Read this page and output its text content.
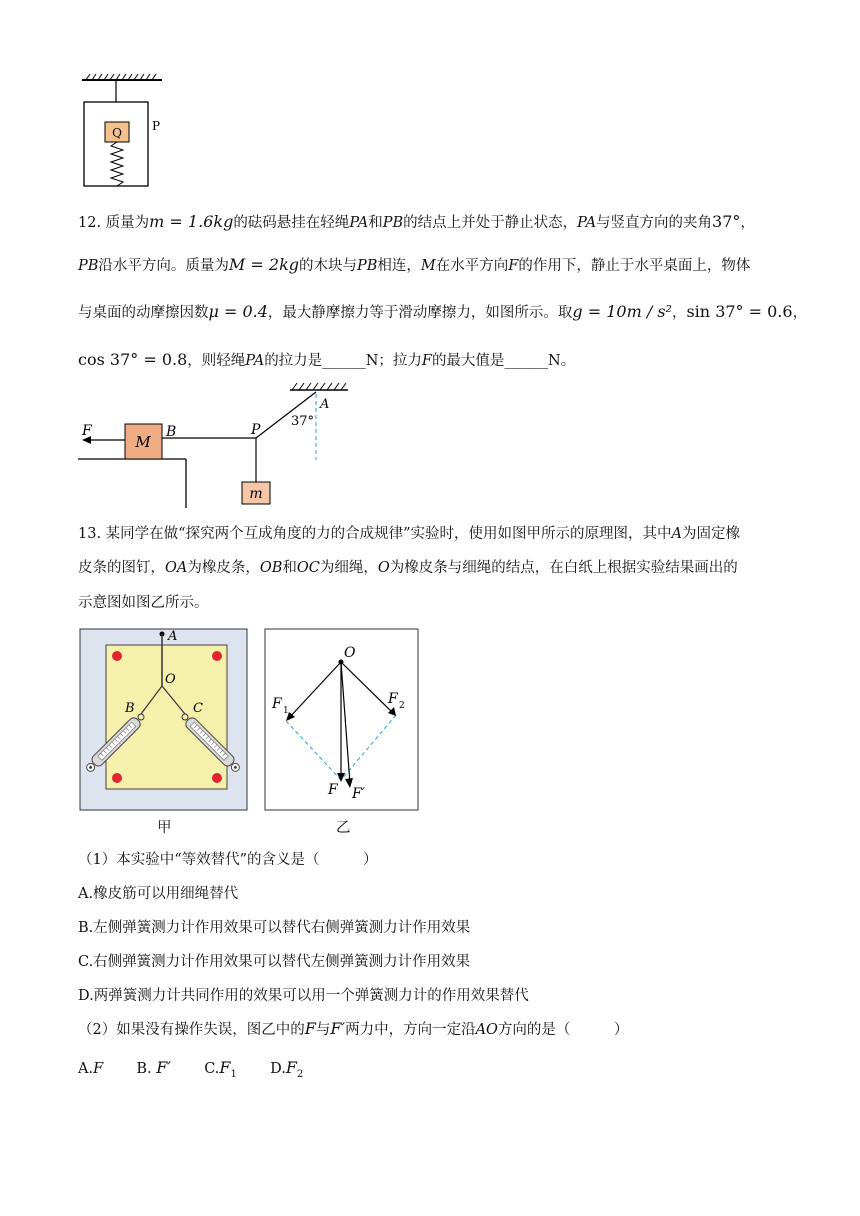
Q	P
12. 质量为m = 1.6kg的砝码悬挂在轻绳PA和PB的结点上并处于静止状态，PA与竖直方向的夹角37°，
PB沿水平方向。质量为M = 2kg的木块与PB相连，M在水平方向F的作用下，静止于水平桌面上，物体
与桌面的动摩擦因数μ = 0.4，最大静摩擦力等于滑动摩擦力，如图所示。取g = 10m / s²，sin 37° = 0.6，
cos 37° = 0.8，则轻绳PA的拉力是______N；拉力F的最大值是______N。
A
37°
P
m
M
B
F
13. 某同学在做“探究两个互成角度的力的合成规律”实验时，使用如图甲所示的原理图，其中A为固定橡
皮条的图钉，OA为橡皮条，OB和OC为细绳，O为橡皮条与细绳的结点，在白纸上根据实验结果画出的
示意图如图乙所示。
A
O
B	C
甲
O
F 1
F 2
F F′
乙
（1）本实验中“等效替代”的含义是（　　　）
A.橡皮筋可以用细绳替代
B.左侧弹簧测力计作用效果可以替代右侧弹簧测力计作用效果
C.右侧弹簧测力计作用效果可以替代左侧弹簧测力计作用效果
D.两弹簧测力计共同作用的效果可以用一个弹簧测力计的作用效果替代
（2）如果没有操作失误，图乙中的F与F′两力中，方向一定沿AO方向的是（　　　）
A.F B. F′ $C.F_1$ $D.F_2$
